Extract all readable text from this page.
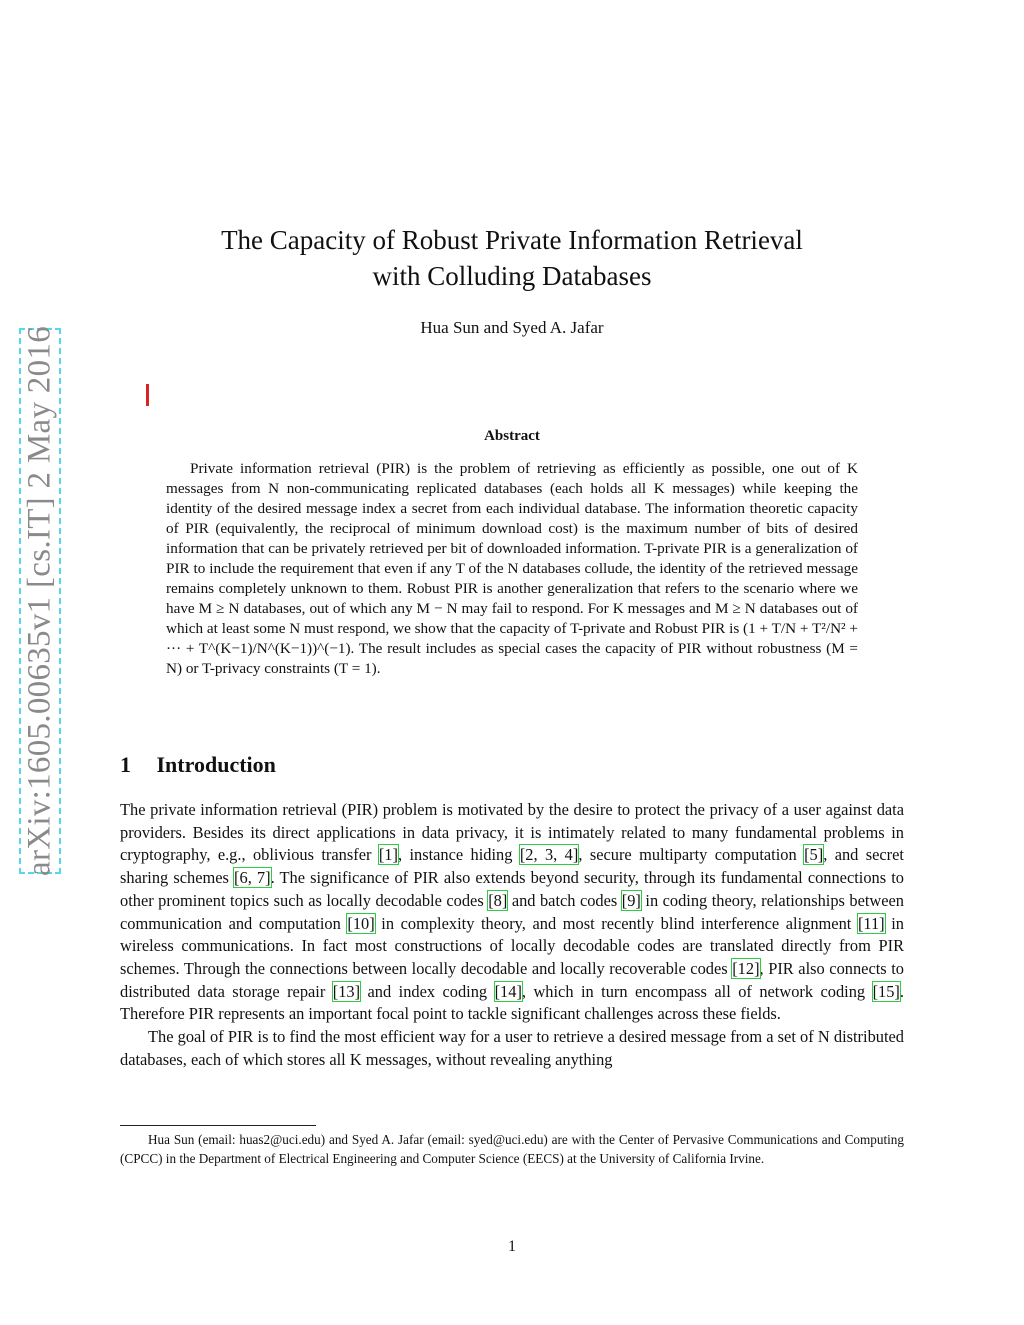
arXiv:1605.00635v1 [cs.IT] 2 May 2016
The Capacity of Robust Private Information Retrieval
with Colluding Databases
Hua Sun and Syed A. Jafar
Abstract

Private information retrieval (PIR) is the problem of retrieving as efficiently as possible, one out of K messages from N non-communicating replicated databases (each holds all K messages) while keeping the identity of the desired message index a secret from each individual database. The information theoretic capacity of PIR (equivalently, the reciprocal of minimum download cost) is the maximum number of bits of desired information that can be privately retrieved per bit of downloaded information. T-private PIR is a generalization of PIR to include the requirement that even if any T of the N databases collude, the identity of the retrieved message remains completely unknown to them. Robust PIR is another generalization that refers to the scenario where we have M ≥ N databases, out of which any M − N may fail to respond. For K messages and M ≥ N databases out of which at least some N must respond, we show that the capacity of T-private and Robust PIR is (1 + T/N + T²/N² + ··· + T^(K−1)/N^(K−1))^(−1). The result includes as special cases the capacity of PIR without robustness (M = N) or T-privacy constraints (T = 1).

1 Introduction

The private information retrieval (PIR) problem is motivated by the desire to protect the privacy of a user against data providers. Besides its direct applications in data privacy, it is intimately related to many fundamental problems in cryptography, e.g., oblivious transfer [1], instance hiding [2, 3, 4], secure multiparty computation [5], and secret sharing schemes [6, 7]. The significance of PIR also extends beyond security, through its fundamental connections to other prominent topics such as locally decodable codes [8] and batch codes [9] in coding theory, relationships between communication and computation [10] in complexity theory, and most recently blind interference alignment [11] in wireless communications. In fact most constructions of locally decodable codes are translated directly from PIR schemes. Through the connections between locally decodable and locally recoverable codes [12], PIR also connects to distributed data storage repair [13] and index coding [14], which in turn encompass all of network coding [15]. Therefore PIR represents an important focal point to tackle significant challenges across these fields.

The goal of PIR is to find the most efficient way for a user to retrieve a desired message from a set of N distributed databases, each of which stores all K messages, without revealing anything

Hua Sun (email: huas2@uci.edu) and Syed A. Jafar (email: syed@uci.edu) are with the Center of Pervasive Communications and Computing (CPCC) in the Department of Electrical Engineering and Computer Science (EECS) at the University of California Irvine.

1
